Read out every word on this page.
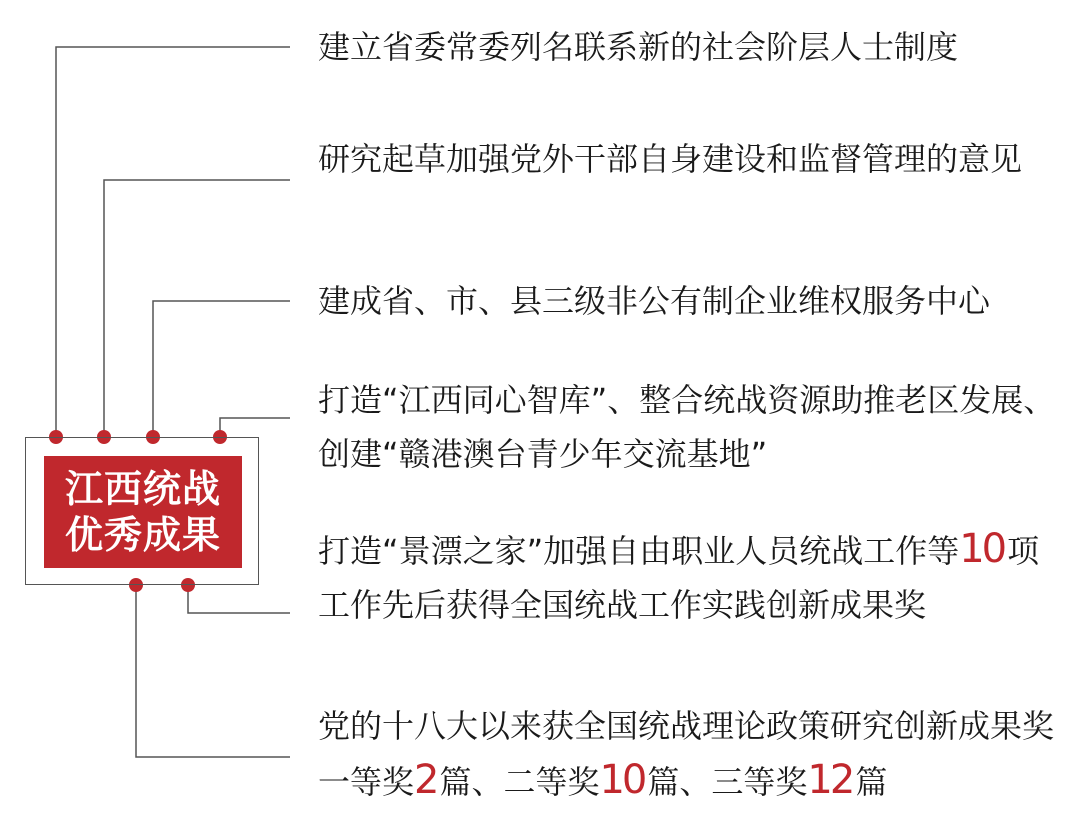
江西统战
优秀成果
建立省委常委列名联系新的社会阶层人士制度
研究起草加强党外干部自身建设和监督管理的意见
建成省、市、县三级非公有制企业维权服务中心
打造“江西同心智库”、整合统战资源助推老区发展、创建“赣港澳台青少年交流基地”
打造“景漂之家”加强自由职业人员统战工作等10项工作先后获得全国统战工作实践创新成果奖
党的十八大以来获全国统战理论政策研究创新成果奖一等奖2篇、二等奖10篇、三等奖12篇
